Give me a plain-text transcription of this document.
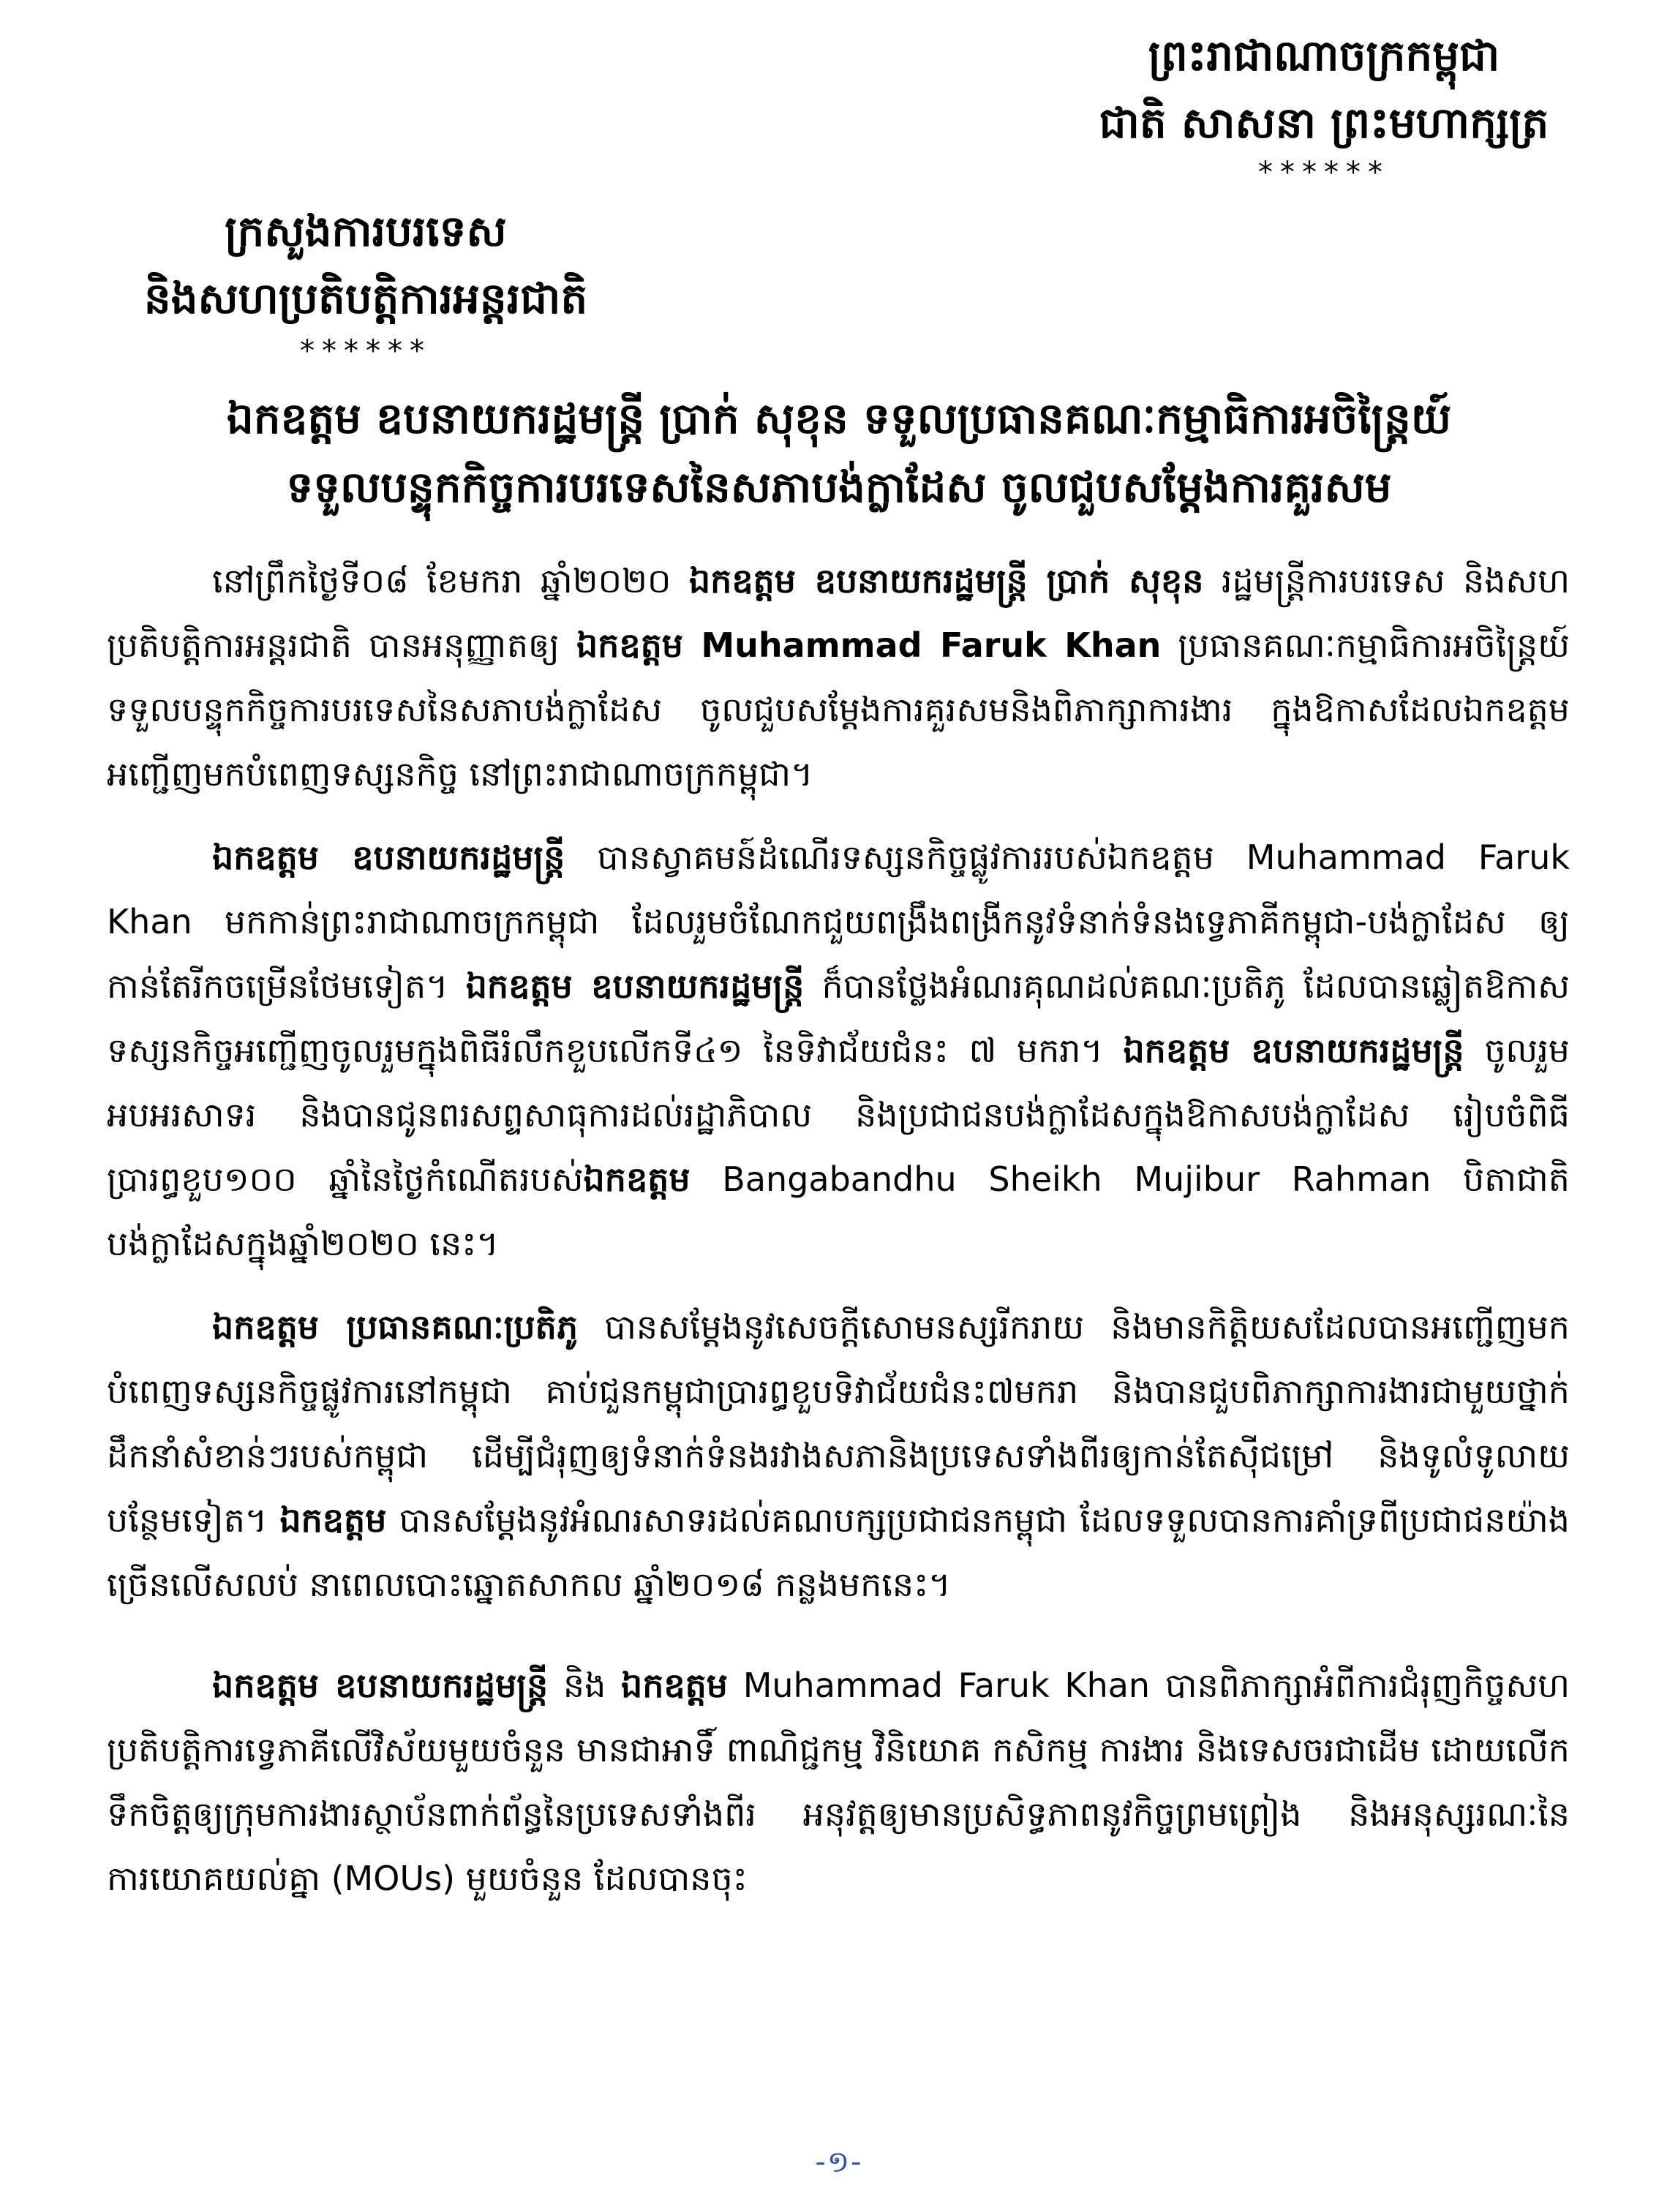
ព្រះរាជាណាចក្រកម្ពុជា
ជាតិ សាសនា ព្រះមហាក្សត្រ
******
ក្រសួងការបរទេស
និងសហប្រតិបត្តិការអន្តរជាតិ
******
ឯកឧត្តម ឧបនាយករដ្ឋមន្ត្រី ប្រាក់ សុខុន ទទួលប្រធានគណៈកម្មាធិការអចិន្ត្រៃយ៍
ទទួលបន្ទុកកិច្ចការបរទេសនៃសភាបង់ក្លាដែស ចូលជួបសម្តែងការគួរសម

នៅព្រឹកថ្ងៃទី០៨ ខែមករា ឆ្នាំ២០២០ ឯកឧត្តម ឧបនាយករដ្ឋមន្ត្រី ប្រាក់ សុខុន រដ្ឋមន្ត្រីការបរទេស និងសហប្រតិបត្តិការអន្តរជាតិ បានអនុញ្ញាតឲ្យ ឯកឧត្តម Muhammad Faruk Khan ប្រធានគណៈកម្មាធិការអចិន្ត្រៃយ៍ទទួលបន្ទុកកិច្ចការបរទេសនៃសភាបង់ក្លាដែស ចូលជួបសម្តែងការគួរសមនិងពិភាក្សាការងារ ក្នុងឱកាសដែលឯកឧត្តមអញ្ជើញមកបំពេញទស្សនកិច្ច នៅព្រះរាជាណាចក្រកម្ពុជា។

ឯកឧត្តម ឧបនាយករដ្ឋមន្ត្រី បានស្វាគមន៍ដំណើរទស្សនកិច្ចផ្លូវការរបស់ឯកឧត្តម Muhammad Faruk Khan មកកាន់ព្រះរាជាណាចក្រកម្ពុជា ដែលរួមចំណែកជួយពង្រឹងពង្រីកនូវទំនាក់ទំនងទ្វេភាគីកម្ពុជា-បង់ក្លាដែស ឲ្យកាន់តែរីកចម្រើនថែមទៀត។ ឯកឧត្តម ឧបនាយករដ្ឋមន្ត្រី ក៏បានថ្លែងអំណរគុណដល់គណៈប្រតិភូ ដែលបានឆ្លៀតឱកាសទស្សនកិច្ចអញ្ជើញចូលរួមក្នុងពិធីរំលឹកខួបលើកទី៤១ នៃទិវាជ័យជំនះ ៧ មករា។ ឯកឧត្តម ឧបនាយករដ្ឋមន្ត្រី ចូលរួមអបអរសាទរ និងបានជូនពរសព្ទសាធុការដល់រដ្ឋាភិបាល និងប្រជាជនបង់ក្លាដែសក្នុងឱកាសបង់ក្លាដែស រៀបចំពិធីប្រារព្ធខួប១០០ ឆ្នាំនៃថ្ងៃកំណើតរបស់ឯកឧត្តម Bangabandhu Sheikh Mujibur Rahman បិតាជាតិបង់ក្លាដែសក្នុងឆ្នាំ២០២០ នេះ។

ឯកឧត្តម ប្រធានគណៈប្រតិភូ បានសម្តែងនូវសេចក្តីសោមនស្សរីករាយ និងមានកិត្តិយសដែលបានអញ្ជើញមកបំពេញទស្សនកិច្ចផ្លូវការនៅកម្ពុជា គាប់ជួនកម្ពុជាប្រារព្ធខួបទិវាជ័យជំនះ៧មករា និងបានជួបពិភាក្សាការងារជាមួយថ្នាក់ដឹកនាំសំខាន់ៗរបស់កម្ពុជា ដើម្បីជំរុញឲ្យទំនាក់ទំនងរវាងសភានិងប្រទេសទាំងពីរឲ្យកាន់តែស៊ីជម្រៅ និងទូលំទូលាយបន្ថែមទៀត។ ឯកឧត្តម បានសម្តែងនូវអំណរសាទរដល់គណបក្សប្រជាជនកម្ពុជា ដែលទទួលបានការគាំទ្រពីប្រជាជនយ៉ាងច្រើនលើសលប់ នាពេលបោះឆ្នោតសាកល ឆ្នាំ២០១៨ កន្លងមកនេះ។

ឯកឧត្តម ឧបនាយករដ្ឋមន្ត្រី និង ឯកឧត្តម Muhammad Faruk Khan បានពិភាក្សាអំពីការជំរុញកិច្ចសហប្រតិបត្តិការទ្វេភាគីលើវិស័យមួយចំនួន មានជាអាទិ៍ ពាណិជ្ជកម្ម វិនិយោគ កសិកម្ម ការងារ និងទេសចរជាដើម ដោយលើកទឹកចិត្តឲ្យក្រុមការងារស្ថាប័នពាក់ព័ន្ធនៃប្រទេសទាំងពីរ អនុវត្តឲ្យមានប្រសិទ្ធភាពនូវកិច្ចព្រមព្រៀង និងអនុស្សរណៈនៃការយោគយល់គ្នា (MOUs) មួយចំនួន ដែលបានចុះ

-១-
